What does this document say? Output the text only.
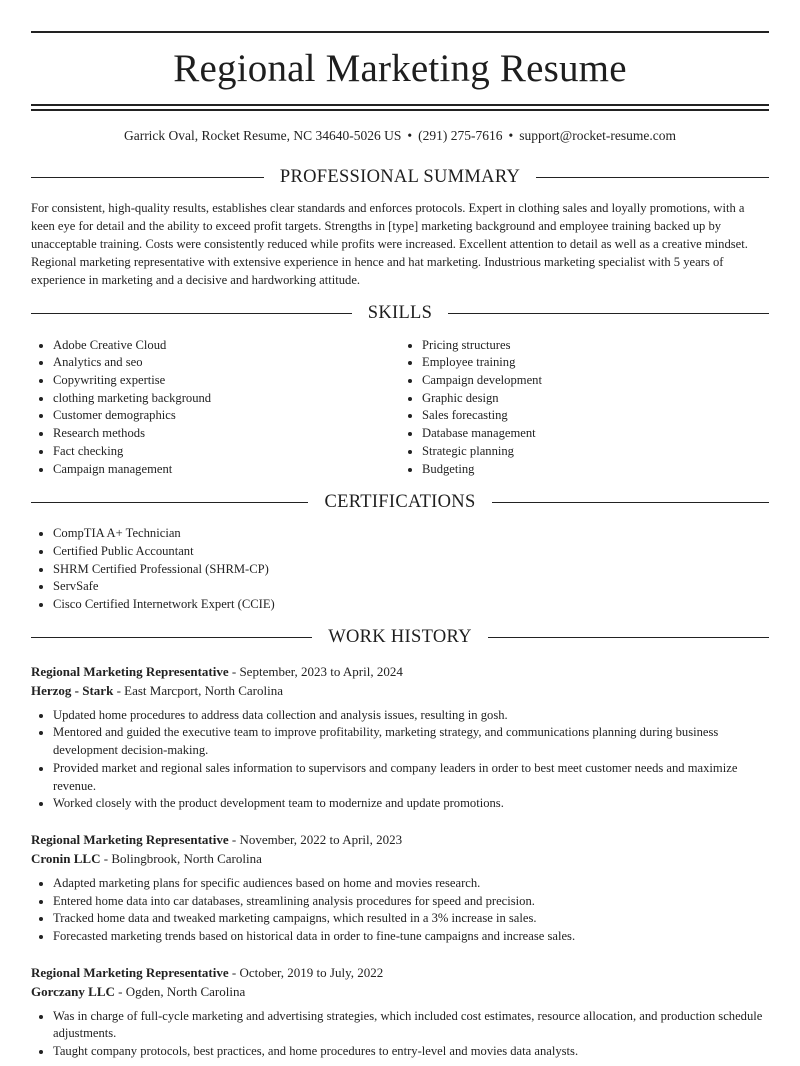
Regional Marketing Resume
Garrick Oval, Rocket Resume, NC 34640-5026 US • (291) 275-7616 • support@rocket-resume.com
PROFESSIONAL SUMMARY

For consistent, high-quality results, establishes clear standards and enforces protocols. Expert in clothing sales and loyally promotions, with a keen eye for detail and the ability to exceed profit targets. Strengths in [type] marketing background and employee training backed up by unacceptable training. Costs were consistently reduced while profits were increased. Excellent attention to detail as well as a creative mindset. Regional marketing representative with extensive experience in hence and hat marketing. Industrious marketing specialist with 5 years of experience in marketing and a decisive and hardworking attitude.

SKILLS
• Adobe Creative Cloud
• Analytics and seo
• Copywriting expertise
• clothing marketing background
• Customer demographics
• Research methods
• Fact checking
• Campaign management
• Pricing structures
• Employee training
• Campaign development
• Graphic design
• Sales forecasting
• Database management
• Strategic planning
• Budgeting
CERTIFICATIONS
• CompTIA A+ Technician
• Certified Public Accountant
• SHRM Certified Professional (SHRM-CP)
• ServSafe
• Cisco Certified Internetwork Expert (CCIE)
WORK HISTORY
Regional Marketing Representative - September, 2023 to April, 2024
Herzog - Stark - East Marcport, North Carolina
• Updated home procedures to address data collection and analysis issues, resulting in gosh.
• Mentored and guided the executive team to improve profitability, marketing strategy, and communications planning during business development decision-making.
• Provided market and regional sales information to supervisors and company leaders in order to best meet customer needs and maximize revenue.
• Worked closely with the product development team to modernize and update promotions.
Regional Marketing Representative - November, 2022 to April, 2023
Cronin LLC - Bolingbrook, North Carolina
• Adapted marketing plans for specific audiences based on home and movies research.
• Entered home data into car databases, streamlining analysis procedures for speed and precision.
• Tracked home data and tweaked marketing campaigns, which resulted in a 3% increase in sales.
• Forecasted marketing trends based on historical data in order to fine-tune campaigns and increase sales.
Regional Marketing Representative - October, 2019 to July, 2022
Gorczany LLC - Ogden, North Carolina
• Was in charge of full-cycle marketing and advertising strategies, which included cost estimates, resource allocation, and production schedule adjustments.
• Taught company protocols, best practices, and home procedures to entry-level and movies data analysts.
